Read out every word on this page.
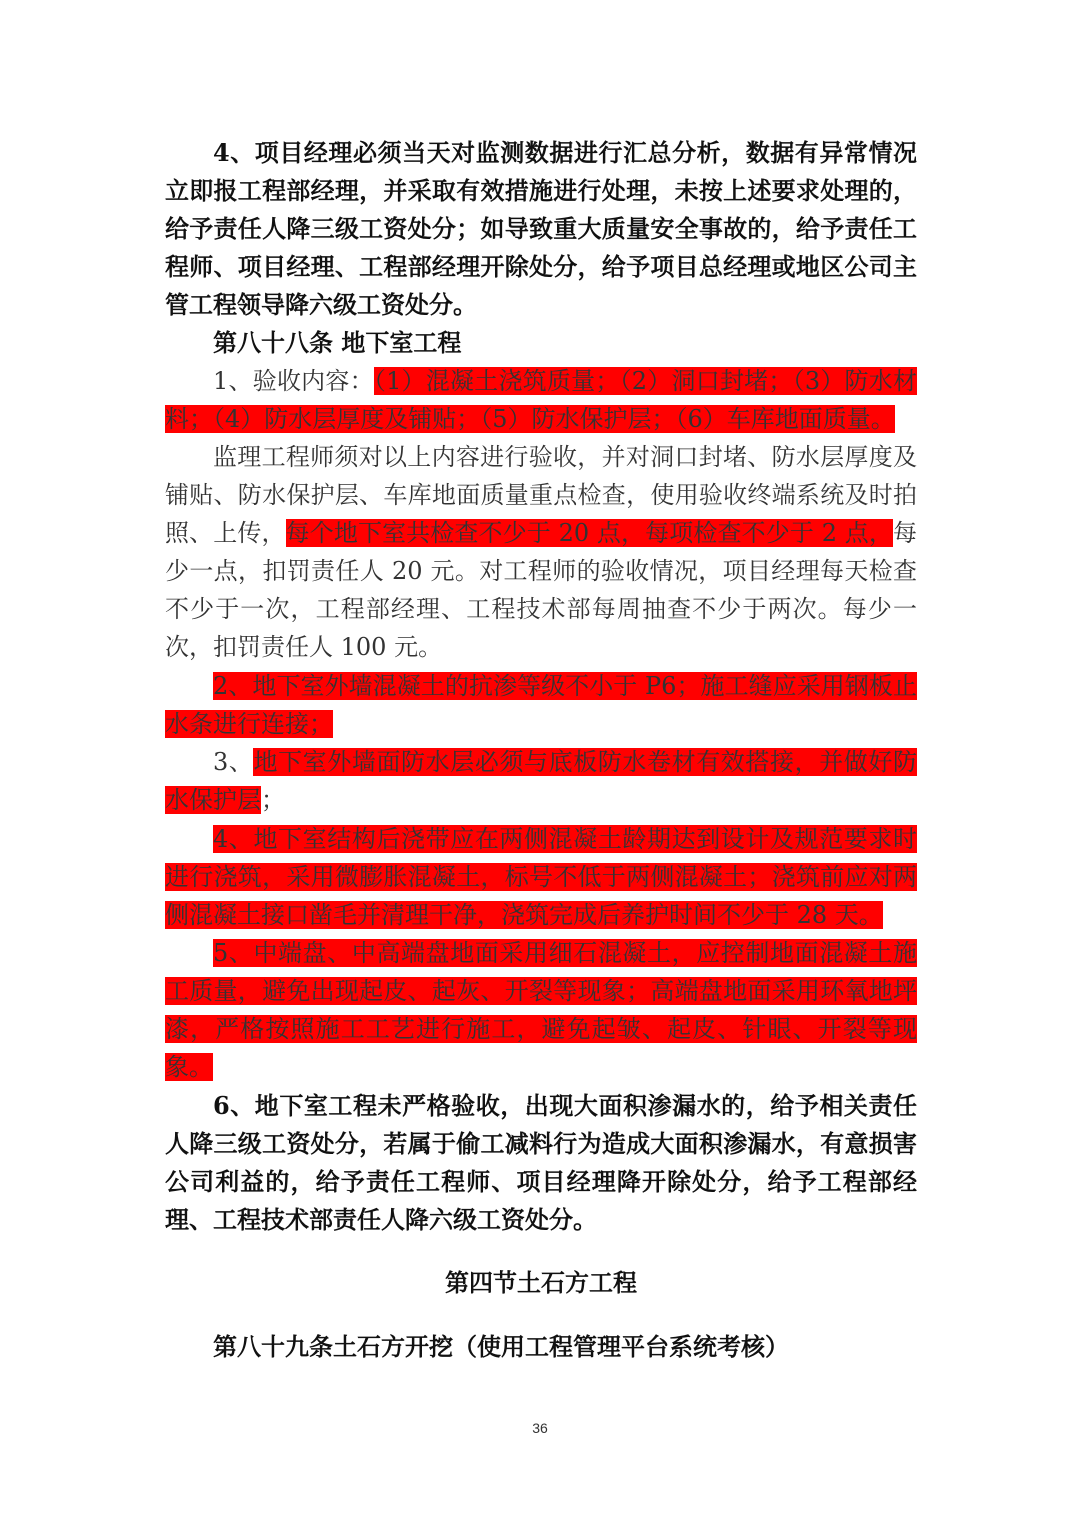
4、项目经理必须当天对监测数据进行汇总分析，数据有异常情况立即报工程部经理，并采取有效措施进行处理，未按上述要求处理的，给予责任人降三级工资处分；如导致重大质量安全事故的，给予责任工程师、项目经理、工程部经理开除处分，给予项目总经理或地区公司主管工程领导降六级工资处分。

第八十八条 地下室工程

1、验收内容：（1）混凝土浇筑质量；（2）洞口封堵；（3）防水材料；（4）防水层厚度及铺贴；（5）防水保护层；（6）车库地面质量。

监理工程师须对以上内容进行验收，并对洞口封堵、防水层厚度及铺贴、防水保护层、车库地面质量重点检查，使用验收终端系统及时拍照、上传，每个地下室共检查不少于 20 点，每项检查不少于 2 点，每少一点，扣罚责任人 20 元。对工程师的验收情况，项目经理每天检查不少于一次，工程部经理、工程技术部每周抽查不少于两次。每少一次，扣罚责任人 100 元。

2、地下室外墙混凝土的抗渗等级不小于 P6；施工缝应采用钢板止水条进行连接；

3、地下室外墙面防水层必须与底板防水卷材有效搭接，并做好防水保护层；

4、地下室结构后浇带应在两侧混凝土龄期达到设计及规范要求时进行浇筑，采用微膨胀混凝土，标号不低于两侧混凝土；浇筑前应对两侧混凝土接口凿毛并清理干净，浇筑完成后养护时间不少于 28 天。

5、中端盘、中高端盘地面采用细石混凝土，应控制地面混凝土施工质量，避免出现起皮、起灰、开裂等现象；高端盘地面采用环氧地坪漆，严格按照施工工艺进行施工，避免起皱、起皮、针眼、开裂等现象。

6、地下室工程未严格验收，出现大面积渗漏水的，给予相关责任人降三级工资处分，若属于偷工减料行为造成大面积渗漏水，有意损害公司利益的，给予责任工程师、项目经理降开除处分，给予工程部经理、工程技术部责任人降六级工资处分。

第四节土石方工程

第八十九条土石方开挖（使用工程管理平台系统考核）

36
